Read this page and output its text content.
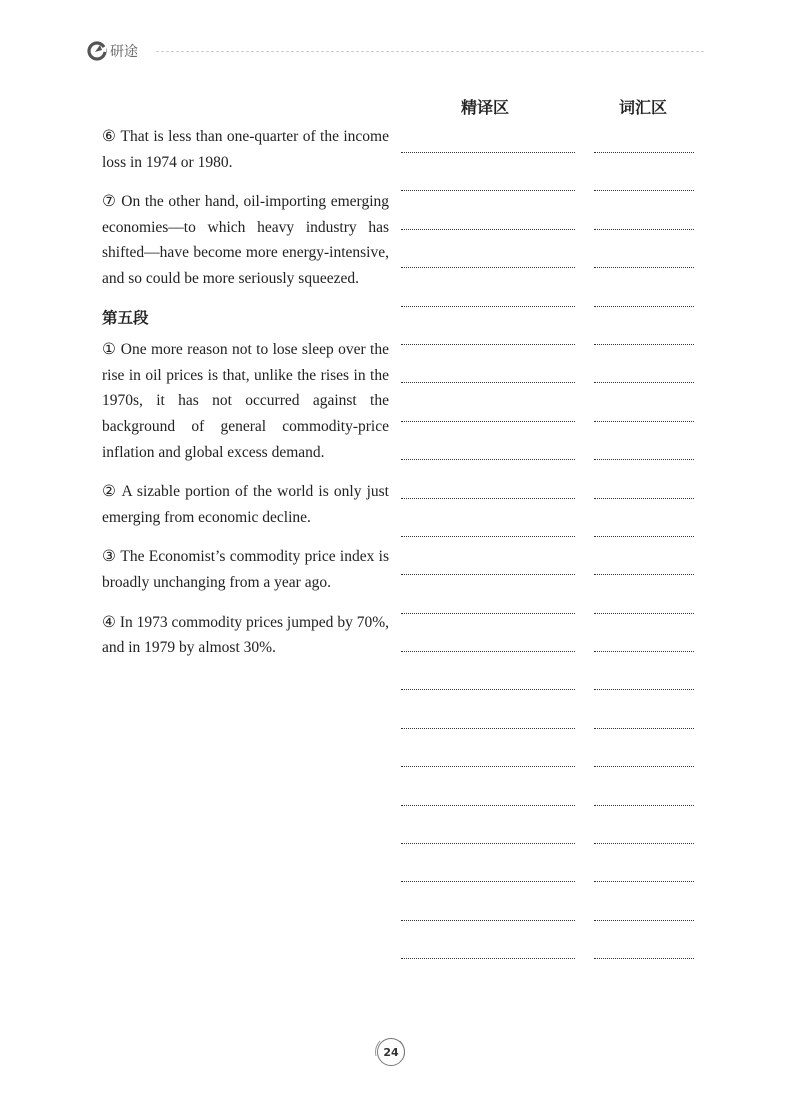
研途
精译区	词汇区

⑥ That is less than one-quarter of the income loss in 1974 or 1980.

⑦ On the other hand, oil-importing emerging economies—to which heavy industry has shifted—have become more energy-intensive, and so could be more seriously squeezed.

第五段

① One more reason not to lose sleep over the rise in oil prices is that, unlike the rises in the 1970s, it has not occurred against the background of general commodity-price inflation and global excess demand.

② A sizable portion of the world is only just emerging from economic decline.

③ The Economist’s commodity price index is broadly unchanging from a year ago.

④ In 1973 commodity prices jumped by 70%, and in 1979 by almost 30%.

24
